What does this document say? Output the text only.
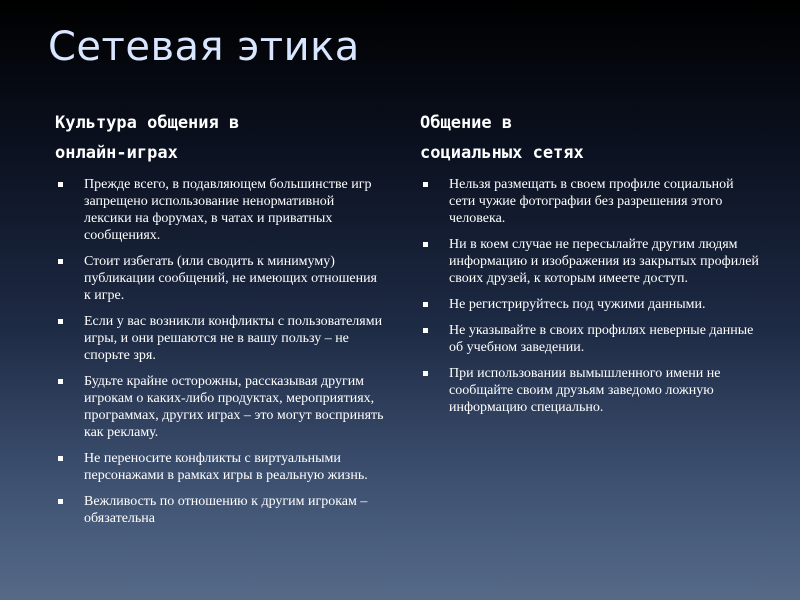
Сетевая этика
Культура общения в
онлайн-играх
Прежде всего, в подавляющем большинстве игр запрещено использование ненормативной лексики на форумах, в чатах и приватных сообщениях.
Стоит избегать (или сводить к минимуму) публикации сообщений, не имеющих отношения к игре.
Если у вас возникли конфликты с пользователями игры, и они решаются не в вашу пользу – не спорьте зря.
Будьте крайне осторожны, рассказывая другим игрокам о каких-либо продуктах, мероприятиях, программах, других играх – это могут воспринять как рекламу.
Не переносите конфликты с виртуальными персонажами в рамках игры в реальную жизнь.
Вежливость по отношению к другим игрокам – обязательна
Общение в
социальных сетях
Нельзя размещать в своем профиле социальной сети чужие фотографии без разрешения этого человека.
Ни в коем случае не пересылайте другим людям информацию и изображения из закрытых профилей своих друзей, к которым имеете доступ.
Не регистрируйтесь под чужими данными.
Не указывайте в своих профилях неверные данные об учебном заведении.
При использовании вымышленного имени не сообщайте своим друзьям заведомо ложную информацию специально.
